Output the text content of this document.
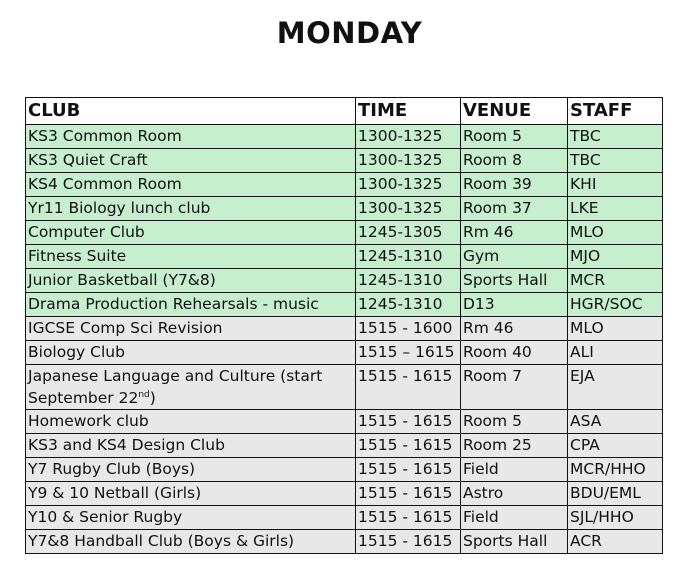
MONDAY
CLUB	TIME	VENUE	STAFF
KS3 Common Room	1300-1325	Room 5	TBC
KS3 Quiet Craft	1300-1325	Room 8	TBC
KS4 Common Room	1300-1325	Room 39	KHI
Yr11 Biology lunch club	1300-1325	Room 37	LKE
Computer Club	1245-1305	Rm 46	MLO
Fitness Suite	1245-1310	Gym	MJO
Junior Basketball (Y7&8)	1245-1310	Sports Hall	MCR
Drama Production Rehearsals - music	1245-1310	D13	HGR/SOC
IGCSE Comp Sci Revision	1515 - 1600	Rm 46	MLO
Biology Club	1515 – 1615	Room 40	ALI
Japanese Language and Culture (start September 22nd)	1515 - 1615	Room 7	EJA
Homework club	1515 - 1615	Room 5	ASA
KS3 and KS4 Design Club	1515 - 1615	Room 25	CPA
Y7 Rugby Club (Boys)	1515 - 1615	Field	MCR/HHO
Y9 & 10 Netball (Girls)	1515 - 1615	Astro	BDU/EML
Y10 & Senior Rugby	1515 - 1615	Field	SJL/HHO
Y7&8 Handball Club (Boys & Girls)	1515 - 1615	Sports Hall	ACR
